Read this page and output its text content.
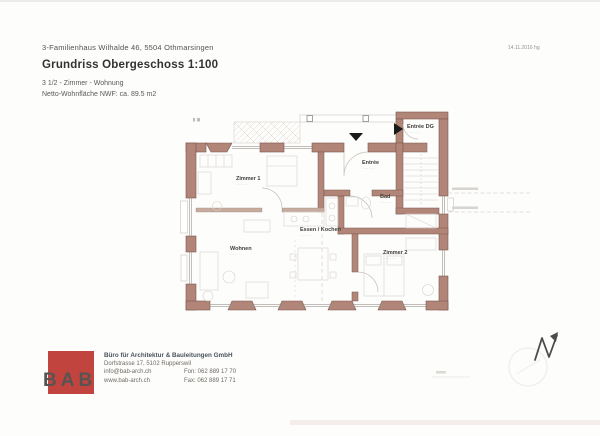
3-Familienhaus Wilhalde 46, 5504 Othmarsingen
Grundriss Obergeschoss 1:100
3 1/2 - Zimmer - Wohnung
Netto-Wohnfläche NWF: ca. 89.5 m2
14.11.2016 hg
Zimmer 1
·······
Wohnen
·······
Essen / Kochen
·······
Entrée
·······
Bad
·······
Zimmer 2
·······
Entrée DG
·······
BAB
Büro für Architektur & Bauleitungen GmbH
Dorfstrasse 17, 5102 Rupperswil
info@bab-arch.ch	Fon: 062 889 17 70
www.bab-arch.ch	Fax: 062 889 17 71
